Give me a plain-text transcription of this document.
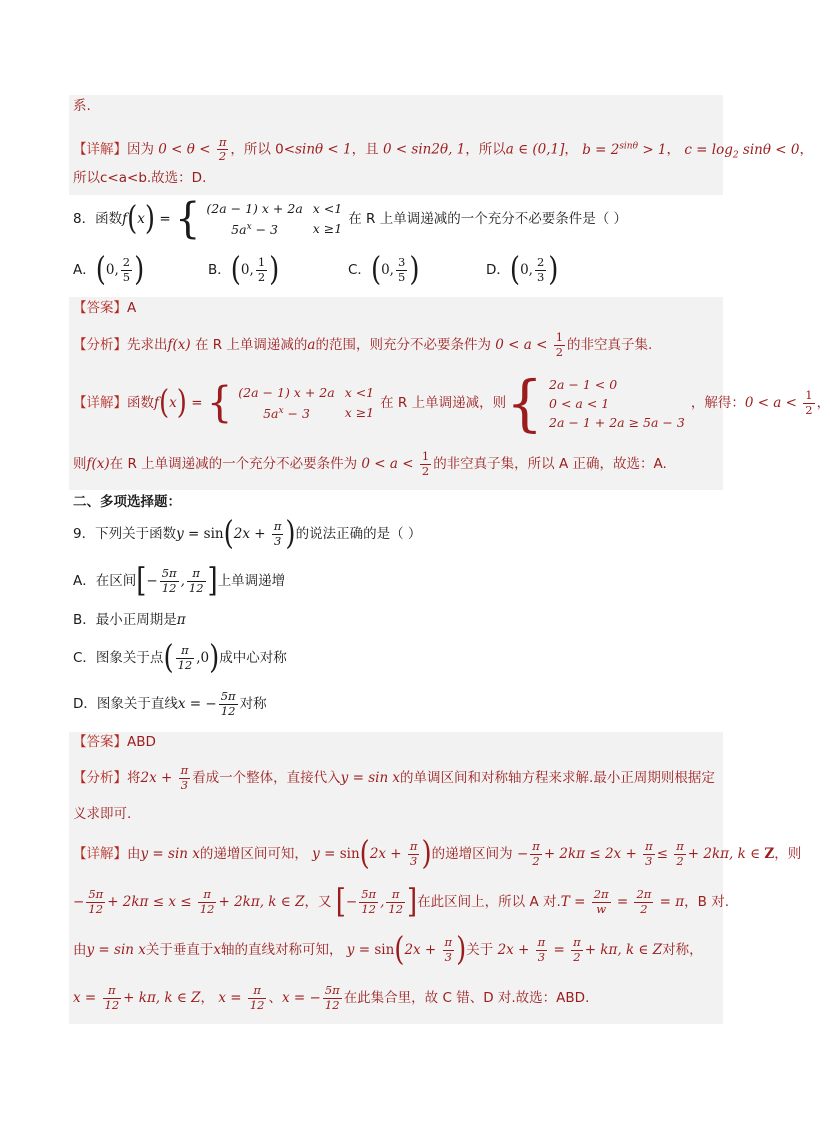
系.
【详解】因为 $0 < \theta < \frac{\pi}{2}$ ，所以 0<sinθ < 1，且 0 < sin2θ, 1，所以a ∈ (0,1]， $b = 2^{sin\theta} > 1$， $c = \log_2 \sin\theta < 0$，
所以c<a<b.故选：D.
8．函数f(x) = { (2a − 1) x + 2a	x <1
$5a^x - 3$	x ≥1在 R 上单调递减的一个充分不必要条件是（ ）
A．(0, $\frac{2}{5}$ )	B．(0, $\frac{1}{2}$ )	C．(0, $\frac{3}{5}$ )	D．(0, $\frac{2}{3}$ )
【答案】A
【分析】先求出f(x) 在 R 上单调递减的a的范围，则充分不必要条件为 $0 < a < \frac{1}{2}$ 的非空真子集.
【详解】函数f(x) = { (2a − 1) x + 2a	x <1
$5a^x - 3$	x ≥1在 R 上单调递减，则{ 2a − 1 < 0
0 < a < 1
2a − 1 + 2a ≥ 5a − 3，解得：$0 < a < \frac{1}{2}$ ，
则f(x)在 R 上单调递减的一个充分不必要条件为 $0 < a < \frac{1}{2}$ 的非空真子集，所以 A 正确，故选：A.
二、多项选择题：
9．下列关于函数$y = \sin(2x + \frac{\pi}{3}$ )的说法正确的是（ ）
A．在区间[− $\frac{5\pi}{12}$ , $\frac{\pi}{12}$ ]上单调递增
B．最小正周期是π
C．图象关于点( $\frac{\pi}{12} ,0$)成中心对称
D．图象关于直线x = − $\frac{5\pi}{12}$ 对称
【答案】ABD
【分析】将$2x + \frac{\pi}{3}$ 看成一个整体，直接代入y = sin x的单调区间和对称轴方程来求解.最小正周期则根据定
义求即可.
【详解】由y = sin x的递增区间可知， $y = \sin(2x + \frac{\pi}{3}$ )的递增区间为 − $\frac{\pi}{2} + 2k\pi \le 2x + \frac{\pi}{3} \le \frac{\pi}{2} + 2k\pi$, k ∈ Z，则
− $\frac{5\pi}{12} + 2k\pi \le x \le \frac{\pi}{12} + 2k\pi$, k ∈ Z，又 [− $\frac{5\pi}{12}$ , $\frac{\pi}{12}$ ]在此区间上，所以 A 对$.T = \frac{2\pi}{w} = \frac{2\pi}{2} = \pi$，B 对.
由y = sin x关于垂直于x轴的直线对称可知， $y = \sin(2x + \frac{\pi}{3}$ )关于 $2x + \frac{\pi}{3} = \frac{\pi}{2} + k\pi$, k ∈ Z对称，
$x = \frac{\pi}{12} + k\pi$, k ∈ Z， $x = \frac{\pi}{12}$ 、x = − $\frac{5\pi}{12}$ 在此集合里，故 C 错、D 对.故选：ABD.
